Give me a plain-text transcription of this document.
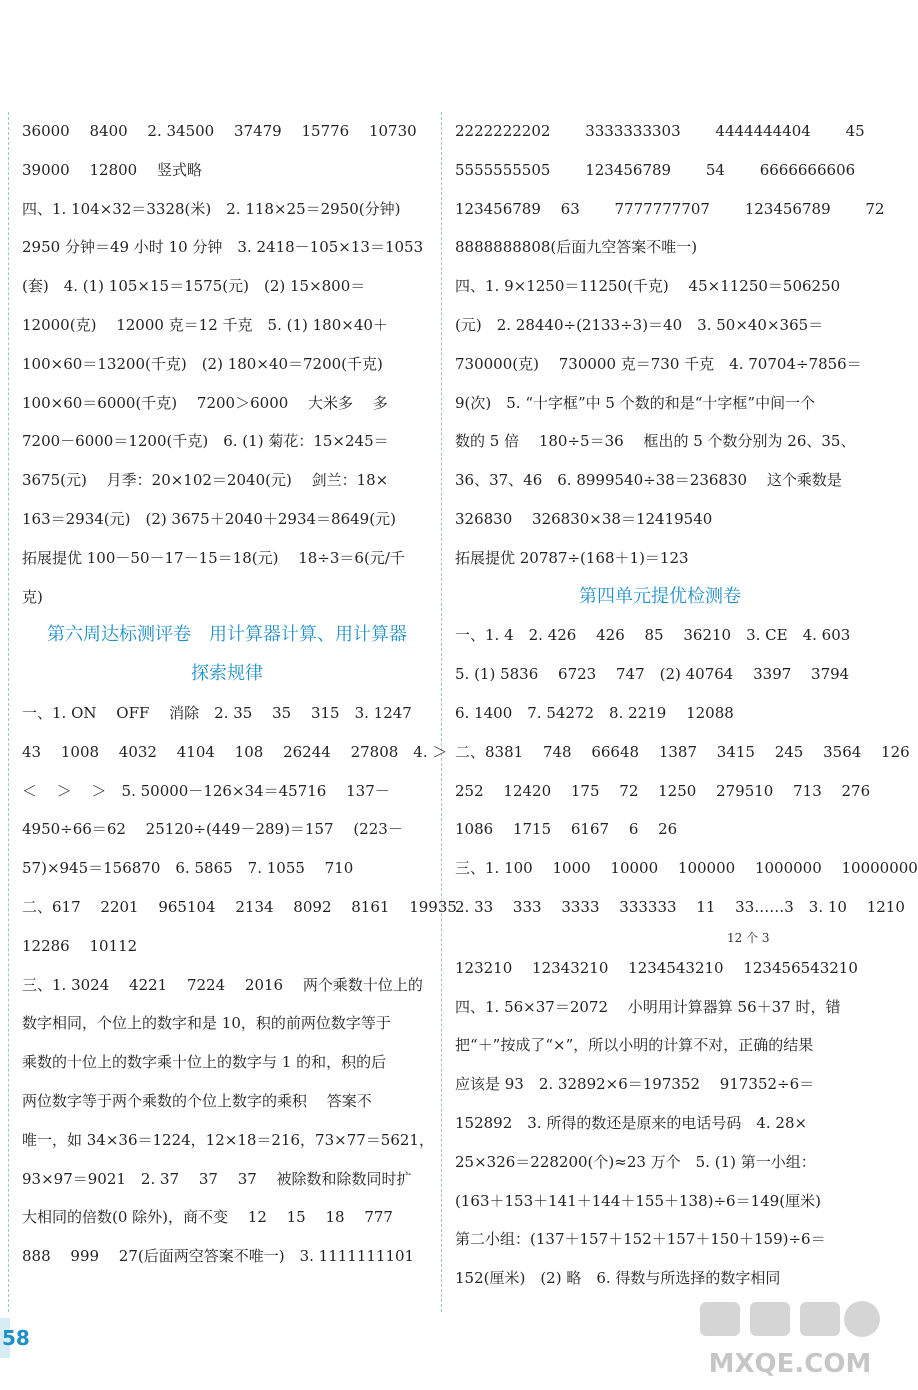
36000　 8400　 2. 34500　 37479　 15776　 10730
39000　 12800　 竖式略
四、1. 104×32＝3328(米)　2. 118×25＝2950(分钟)
2950 分钟＝49 小时 10 分钟　3. 2418－105×13＝1053
(套)　4. (1) 105×15＝1575(元)　(2) 15×800＝
12000(克)　 12000 克＝12 千克　5. (1) 180×40＋
100×60＝13200(千克)　(2) 180×40＝7200(千克)
100×60＝6000(千克)　 7200＞6000　 大米多　 多
7200－6000＝1200(千克)　6. (1) 菊花：15×245＝
3675(元)　 月季：20×102＝2040(元)　 剑兰：18×
163＝2934(元)　(2) 3675＋2040＋2934＝8649(元)
拓展提优 100－50－17－15＝18(元)　 18÷3＝6(元/千
克)
第六周达标测评卷　用计算器计算、用计算器
探索规律
一、1. ON　 OFF　 消除　2. 35　 35　 315　3. 1247
43　 1008　 4032　 4104　 108　 26244　 27808　4. ＞
＜　 ＞　 ＞　5. 50000－126×34＝45716　 137－
4950÷66＝62　 25120÷(449－289)＝157　 (223－
57)×945＝156870　6. 5865　7. 1055　 710
二、617　 2201　 965104　 2134　 8092　 8161　 19935
12286　 10112
三、1. 3024　 4221　 7224　 2016　 两个乘数十位上的
数字相同，个位上的数字和是 10，积的前两位数字等于
乘数的十位上的数字乘十位上的数字与 1 的和，积的后
两位数字等于两个乘数的个位上数字的乘积　 答案不
唯一，如 34×36＝1224，12×18＝216，73×77＝5621，
93×97＝9021　2. 37　 37　 37　 被除数和除数同时扩
大相同的倍数(0 除外)，商不变　 12　 15　 18　 777
888　 999　 27(后面两空答案不唯一)　3. 1111111101
2222222202　　 3333333303　　 4444444404　　 45
5555555505　　 123456789　　 54　　 6666666606
123456789　 63　　 7777777707　　 123456789　　 72
8888888808(后面九空答案不唯一)
四、1. 9×1250＝11250(千克)　 45×11250＝506250
(元)　2. 28440÷(2133÷3)＝40　3. 50×40×365＝
730000(克)　 730000 克＝730 千克　4. 70704÷7856＝
9(次)　5. “十字框”中 5 个数的和是“十字框”中间一个
数的 5 倍　 180÷5＝36　 框出的 5 个数分别为 26、35、
36、37、46　6. 8999540÷38＝236830　 这个乘数是
326830　 326830×38＝12419540
拓展提优 20787÷(168＋1)＝123
第四单元提优检测卷
一、1. 4　2. 426　 426　 85　 36210　3. CE　4. 603
5. (1) 5836　 6723　 747　(2) 40764　 3397　 3794
6. 1400　7. 54272　8. 2219　 12088
二、8381　 748　 66648　 1387　 3415　 245　 3564　 126
252　 12420　 175　 72　 1250　 279510　 713　 276
1086　 1715　 6167　 6　 26
三、1. 100　 1000　 10000　 100000　 1000000　 10000000
2. 33　 333　 3333　 333333　 11　 33……3　3. 10　 1210
12 个 3
123210　 12343210　 1234543210　 123456543210
四、1. 56×37＝2072　 小明用计算器算 56＋37 时，错
把“＋”按成了“×”，所以小明的计算不对，正确的结果
应该是 93　2. 32892×6＝197352　 917352÷6＝
152892　3. 所得的数还是原来的电话号码　4. 28×
25×326＝228200(个)≈23 万个　5. (1) 第一小组：
(163＋153＋141＋144＋155＋138)÷6＝149(厘米)
第二小组：(137＋157＋152＋157＋150＋159)÷6＝
152(厘米)　(2) 略　6. 得数与所选择的数字相同
58
MXQE.COM
